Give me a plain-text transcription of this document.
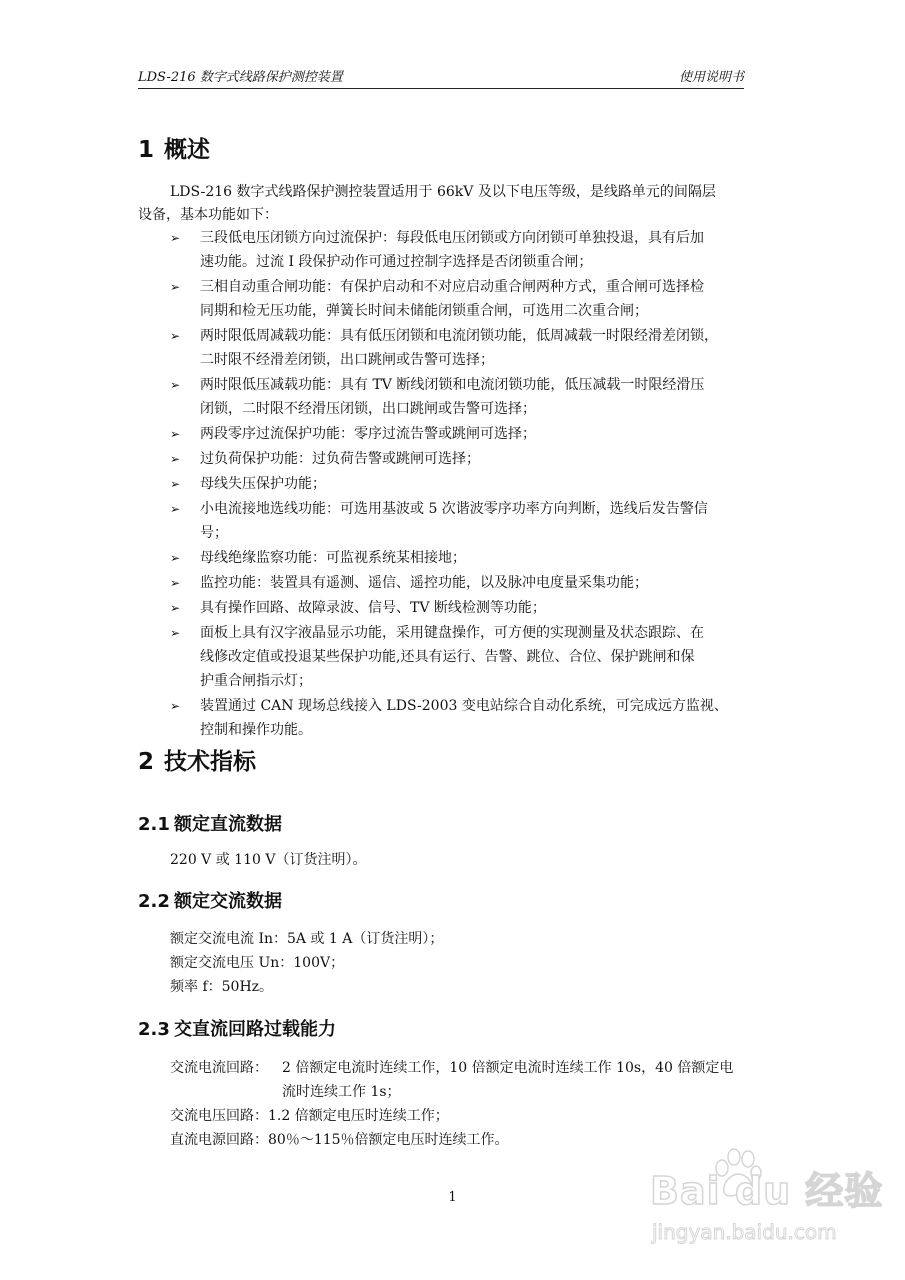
LDS-216 数字式线路保护测控装置	使用说明书
1 概述
LDS-216 数字式线路保护测控装置适用于 66kV 及以下电压等级，是线路单元的间隔层
设备，基本功能如下：
➢ 三段低电压闭锁方向过流保护：每段低电压闭锁或方向闭锁可单独投退，具有后加
速功能。过流 I 段保护动作可通过控制字选择是否闭锁重合闸；
➢ 三相自动重合闸功能：有保护启动和不对应启动重合闸两种方式，重合闸可选择检
同期和检无压功能，弹簧长时间未储能闭锁重合闸，可选用二次重合闸；
➢ 两时限低周减载功能：具有低压闭锁和电流闭锁功能，低周减载一时限经滑差闭锁，
二时限不经滑差闭锁，出口跳闸或告警可选择；
➢ 两时限低压减载功能：具有 TV 断线闭锁和电流闭锁功能，低压减载一时限经滑压
闭锁，二时限不经滑压闭锁，出口跳闸或告警可选择；
➢ 两段零序过流保护功能：零序过流告警或跳闸可选择；
➢ 过负荷保护功能：过负荷告警或跳闸可选择；
➢ 母线失压保护功能；
➢ 小电流接地选线功能：可选用基波或 5 次谐波零序功率方向判断，选线后发告警信
号；
➢ 母线绝缘监察功能：可监视系统某相接地；
➢ 监控功能：装置具有遥测、遥信、遥控功能，以及脉冲电度量采集功能；
➢ 具有操作回路、故障录波、信号、TV 断线检测等功能；
➢ 面板上具有汉字液晶显示功能，采用键盘操作，可方便的实现测量及状态跟踪、在
线修改定值或投退某些保护功能,还具有运行、告警、跳位、合位、保护跳闸和保
护重合闸指示灯；
➢ 装置通过 CAN 现场总线接入 LDS-2003 变电站综合自动化系统，可完成远方监视、
控制和操作功能。
2 技术指标
2.1 额定直流数据
220 V 或 110 V（订货注明）。
2.2 额定交流数据
额定交流电流 In：5A 或 1 A（订货注明）；
额定交流电压 Un：100V；
频率 f：50Hz。
2.3 交直流回路过载能力
交流电流回路： 2 倍额定电流时连续工作，10 倍额定电流时连续工作 10s，40 倍额定电
流时连续工作 1s；
交流电压回路：1.2 倍额定电压时连续工作；
直流电源回路：80％～115％倍额定电压时连续工作。
1	Bai du 经验
jingyan.baidu.com
